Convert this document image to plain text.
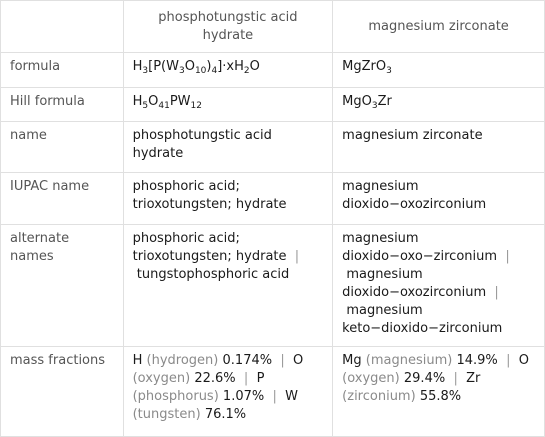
	phosphotungstic acid hydrate	magnesium zirconate
formula	$H_3[P(W_3O_{10})_4]\cdot xH_2O$	MgZrO$_3$
Hill formula	$H_5O_{41}PW_{12}$	MgO$_3$Zr
name	phosphotungstic acid hydrate	magnesium zirconate
IUPAC name	phosphoric acid; trioxotungsten; hydrate	magnesium dioxido−oxozirconium
alternate names	phosphoric acid; trioxotungsten; hydrate |  tungstophosphoric acid	magnesium dioxido−oxo−zirconium |  magnesium dioxido−oxozirconium |  magnesium keto−dioxido−zirconium
mass fractions	H (hydrogen) 0.174% | O (oxygen) 22.6% | P (phosphorus) 1.07% | W (tungsten) 76.1%	Mg (magnesium) 14.9% | O (oxygen) 29.4% | Zr (zirconium) 55.8%
